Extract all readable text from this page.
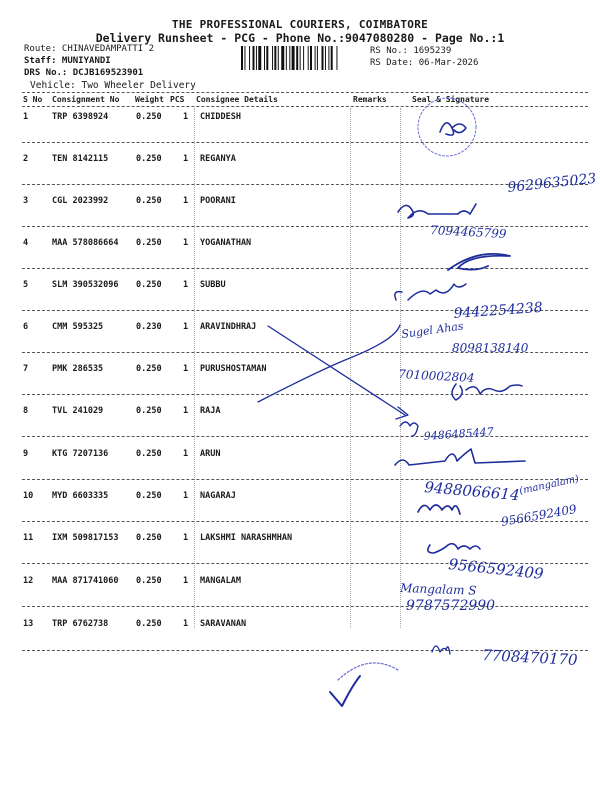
THE PROFESSIONAL COURIERS, COIMBATORE
Delivery Runsheet - PCG - Phone No.:9047080280 - Page No.:1
Route: CHINAVEDAMPATTI 2
Staff: MUNIYANDI
DRS No.: DCJB169523901
Vehicle: Two Wheeler Delivery
RS No.: 1695239
RS Date: 06-Mar-2026
S No Consignment No Weight PCS Consignee Details	Remarks	Seal & Signature
1	TRP 6398924	0.250	1 CHIDDESH
2	TEN 8142115	0.250	1 REGANYA
3	CGL 2023992	0.250	1 POORANI
4	MAA 578086664 0.250	1 YOGANATHAN
5	SLM 390532096 0.250	1 SUBBU
6	CMM 595325	0.230	1 ARAVINDHRAJ
7	PMK 286535	0.250	1 PURUSHOSTAMAN
8	TVL 241029	0.250	1 RAJA
9	KTG 7207136	0.250	1 ARUN
10 MYD 6603335	0.250	1 NAGARAJ
11 IXM 509817153 0.250	1 LAKSHMI NARASHMHAN
12 MAA 871741060 0.250	1 MANGALAM
13 TRP 6762738	0.250	1 SARAVANAN
9629635023
7094465799
9442254238
Sugel Ahas
8098138140
7010002804
9486485447
9488066614
(mangalam)
9566592409
9566592409
Mangalam S
9787572990
7708470170
